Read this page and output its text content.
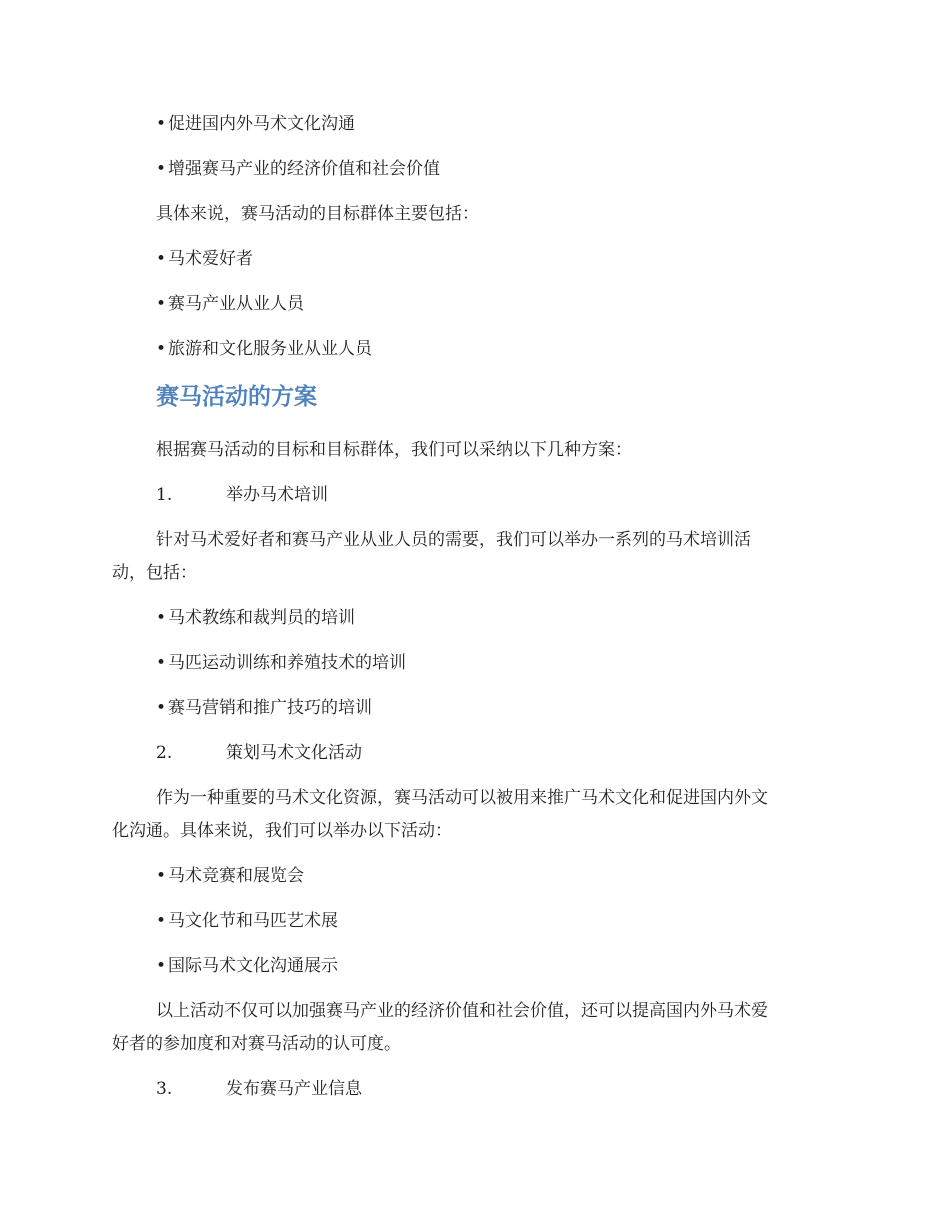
• 促进国内外马术文化沟通
• 增强赛马产业的经济价值和社会价值
具体来说，赛马活动的目标群体主要包括：
• 马术爱好者
• 赛马产业从业人员
• 旅游和文化服务业从业人员
赛马活动的方案
根据赛马活动的目标和目标群体，我们可以采纳以下几种方案：
1.	举办马术培训
针对马术爱好者和赛马产业从业人员的需要，我们可以举办一系列的马术培训活
动，包括：
• 马术教练和裁判员的培训
• 马匹运动训练和养殖技术的培训
• 赛马营销和推广技巧的培训
2.	策划马术文化活动
作为一种重要的马术文化资源，赛马活动可以被用来推广马术文化和促进国内外文
化沟通。具体来说，我们可以举办以下活动：
• 马术竞赛和展览会
• 马文化节和马匹艺术展
• 国际马术文化沟通展示
以上活动不仅可以加强赛马产业的经济价值和社会价值，还可以提高国内外马术爱
好者的参加度和对赛马活动的认可度。
3.	发布赛马产业信息
